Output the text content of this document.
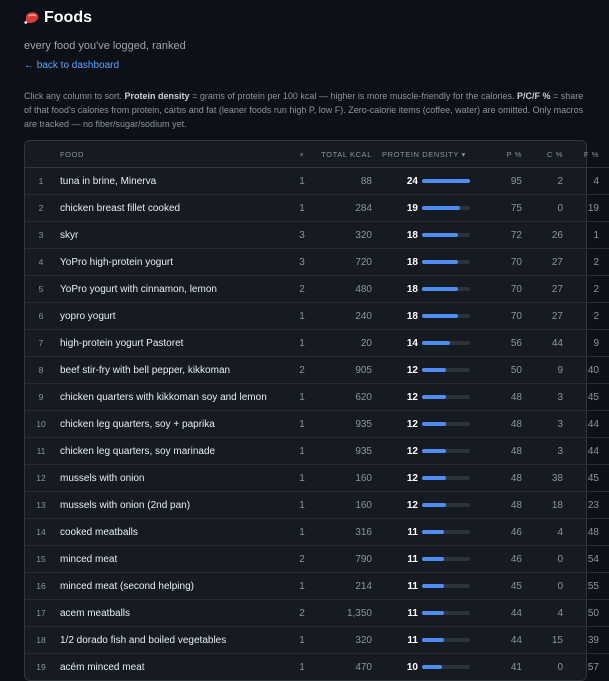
Foods
every food you've logged, ranked
← back to dashboard
Click any column to sort. Protein density = grams of protein per 100 kcal — higher is more muscle-friendly for the calories. P/C/F % = share of that food's calories from protein, carbs and fat (leaner foods run high P, low F). Zero-calorie items (coffee, water) are omitted. Only macros are tracked — no fiber/sugar/sodium yet.
	FOOD	×	TOTAL KCAL	PROTEIN DENSITY ▾	P %	C %	F %
1	tuna in brine, Minerva	1	88	24	95	2	4
2	chicken breast fillet cooked	1	284	19	75	0	19
3	skyr	3	320	18	72	26	1
4	YoPro high-protein yogurt	3	720	18	70	27	2
5	YoPro yogurt with cinnamon, lemon	2	480	18	70	27	2
6	yopro yogurt	1	240	18	70	27	2
7	high-protein yogurt Pastoret	1	20	14	56	44	9
8	beef stir-fry with bell pepper, kikkoman	2	905	12	50	9	40
9	chicken quarters with kikkoman soy and lemon	1	620	12	48	3	45
10	chicken leg quarters, soy + paprika	1	935	12	48	3	44
11	chicken leg quarters, soy marinade	1	935	12	48	3	44
12	mussels with onion	1	160	12	48	38	45
13	mussels with onion (2nd pan)	1	160	12	48	18	23
14	cooked meatballs	1	316	11	46	4	48
15	minced meat	2	790	11	46	0	54
16	minced meat (second helping)	1	214	11	45	0	55
17	acem meatballs	2	1,350	11	44	4	50
18	1/2 dorado fish and boiled vegetables	1	320	11	44	15	39
19	acém minced meat	1	470	10	41	0	57
